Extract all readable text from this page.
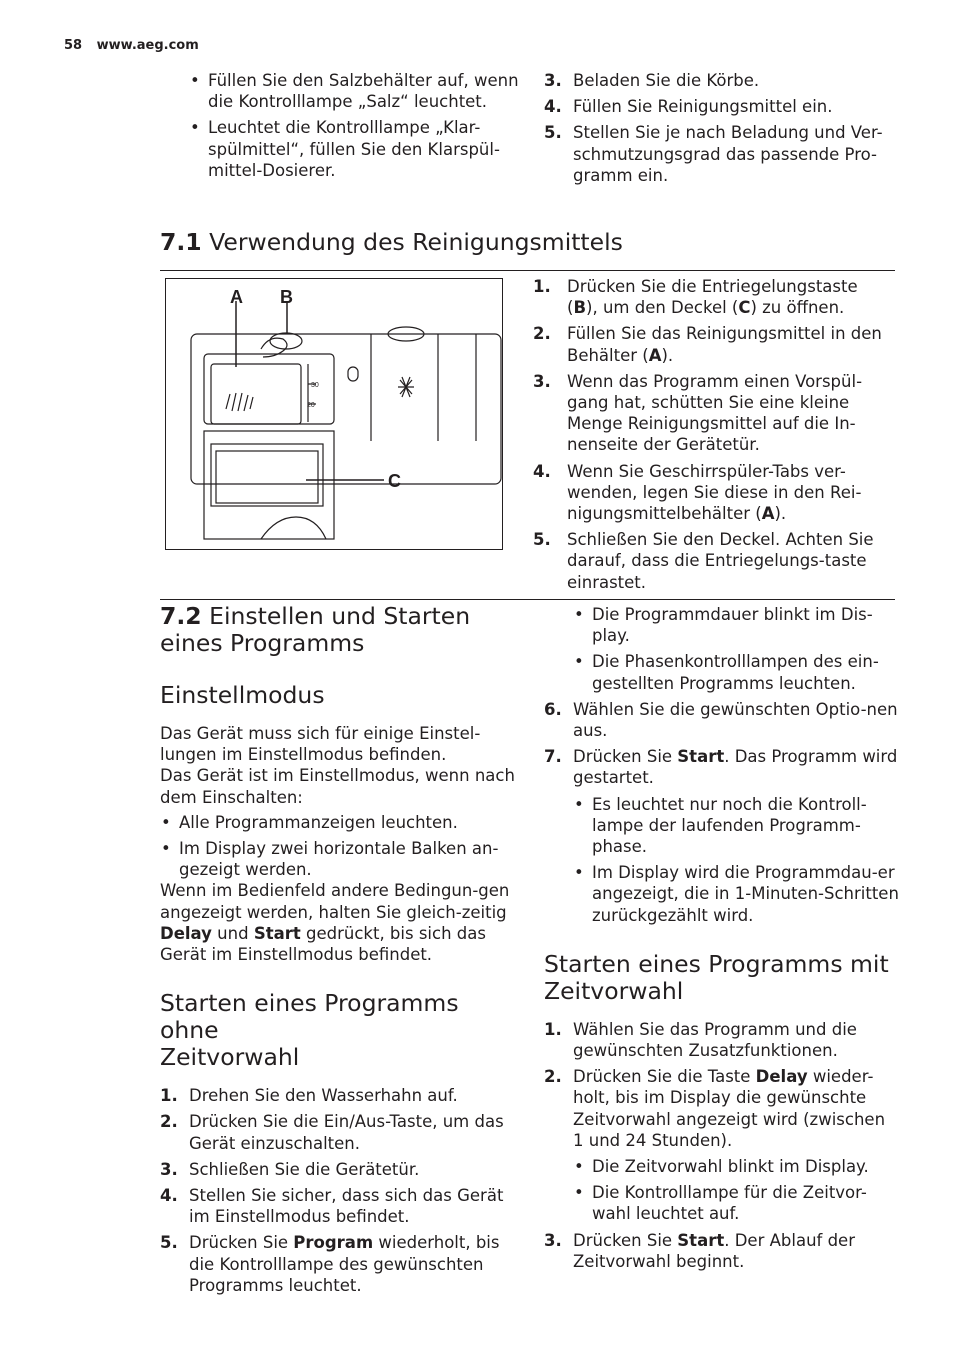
58 www.aeg.com
• Füllen Sie den Salzbehälter auf, wenn die Kontrolllampe „Salz“ leuchtet.
• Leuchtet die Kontrolllampe „Klar-spülmittel“, füllen Sie den Klarspül-mittel-Dosierer.
3. Beladen Sie die Körbe.
4. Füllen Sie Reinigungsmittel ein.
5. Stellen Sie je nach Beladung und Ver-schmutzungsgrad das passende Pro-gramm ein.
7.1 Verwendung des Reinigungsmittels
A B
C
30
20
1. Drücken Sie die Entriegelungstaste (B), um den Deckel (C) zu öffnen.
2. Füllen Sie das Reinigungsmittel in den Behälter (A).
3. Wenn das Programm einen Vorspül-gang hat, schütten Sie eine kleine Menge Reinigungsmittel auf die In-nenseite der Gerätetür.
4. Wenn Sie Geschirrspüler-Tabs ver-wenden, legen Sie diese in den Rei-nigungsmittelbehälter (A).
5. Schließen Sie den Deckel. Achten Sie darauf, dass die Entriegelungs-taste einrastet.
7.2 Einstellen und Starten
eines Programms
Einstellmodus

Das Gerät muss sich für einige Einstel-lungen im Einstellmodus befinden.

Das Gerät ist im Einstellmodus, wenn nach dem Einschalten:

• Alle Programmanzeigen leuchten.
• Im Display zwei horizontale Balken an-gezeigt werden.

Wenn im Bedienfeld andere Bedingun-gen angezeigt werden, halten Sie gleich-zeitig Delay und Start gedrückt, bis sich das Gerät im Einstellmodus befindet.

Starten eines Programms ohne
Zeitvorwahl
1. Drehen Sie den Wasserhahn auf.
2. Drücken Sie die Ein/Aus-Taste, um das Gerät einzuschalten.
3. Schließen Sie die Gerätetür.
4. Stellen Sie sicher, dass sich das Gerät im Einstellmodus befindet.
5. Drücken Sie Program wiederholt, bis die Kontrolllampe des gewünschten Programms leuchtet.
• Die Programmdauer blinkt im Dis-play.
• Die Phasenkontrolllampen des ein-gestellten Programms leuchten.
6. Wählen Sie die gewünschten Optio-nen aus.
7. Drücken Sie Start. Das Programm wird gestartet.
• Es leuchtet nur noch die Kontroll-lampe der laufenden Programm-phase.
• Im Display wird die Programmdau-er angezeigt, die in 1-Minuten-Schritten zurückgezählt wird.
Starten eines Programms mit
Zeitvorwahl
1. Wählen Sie das Programm und die gewünschten Zusatzfunktionen.
2. Drücken Sie die Taste Delay wieder-holt, bis im Display die gewünschte Zeitvorwahl angezeigt wird (zwischen 1 und 24 Stunden).
• Die Zeitvorwahl blinkt im Display.
• Die Kontrolllampe für die Zeitvor-wahl leuchtet auf.
3. Drücken Sie Start. Der Ablauf der Zeitvorwahl beginnt.
